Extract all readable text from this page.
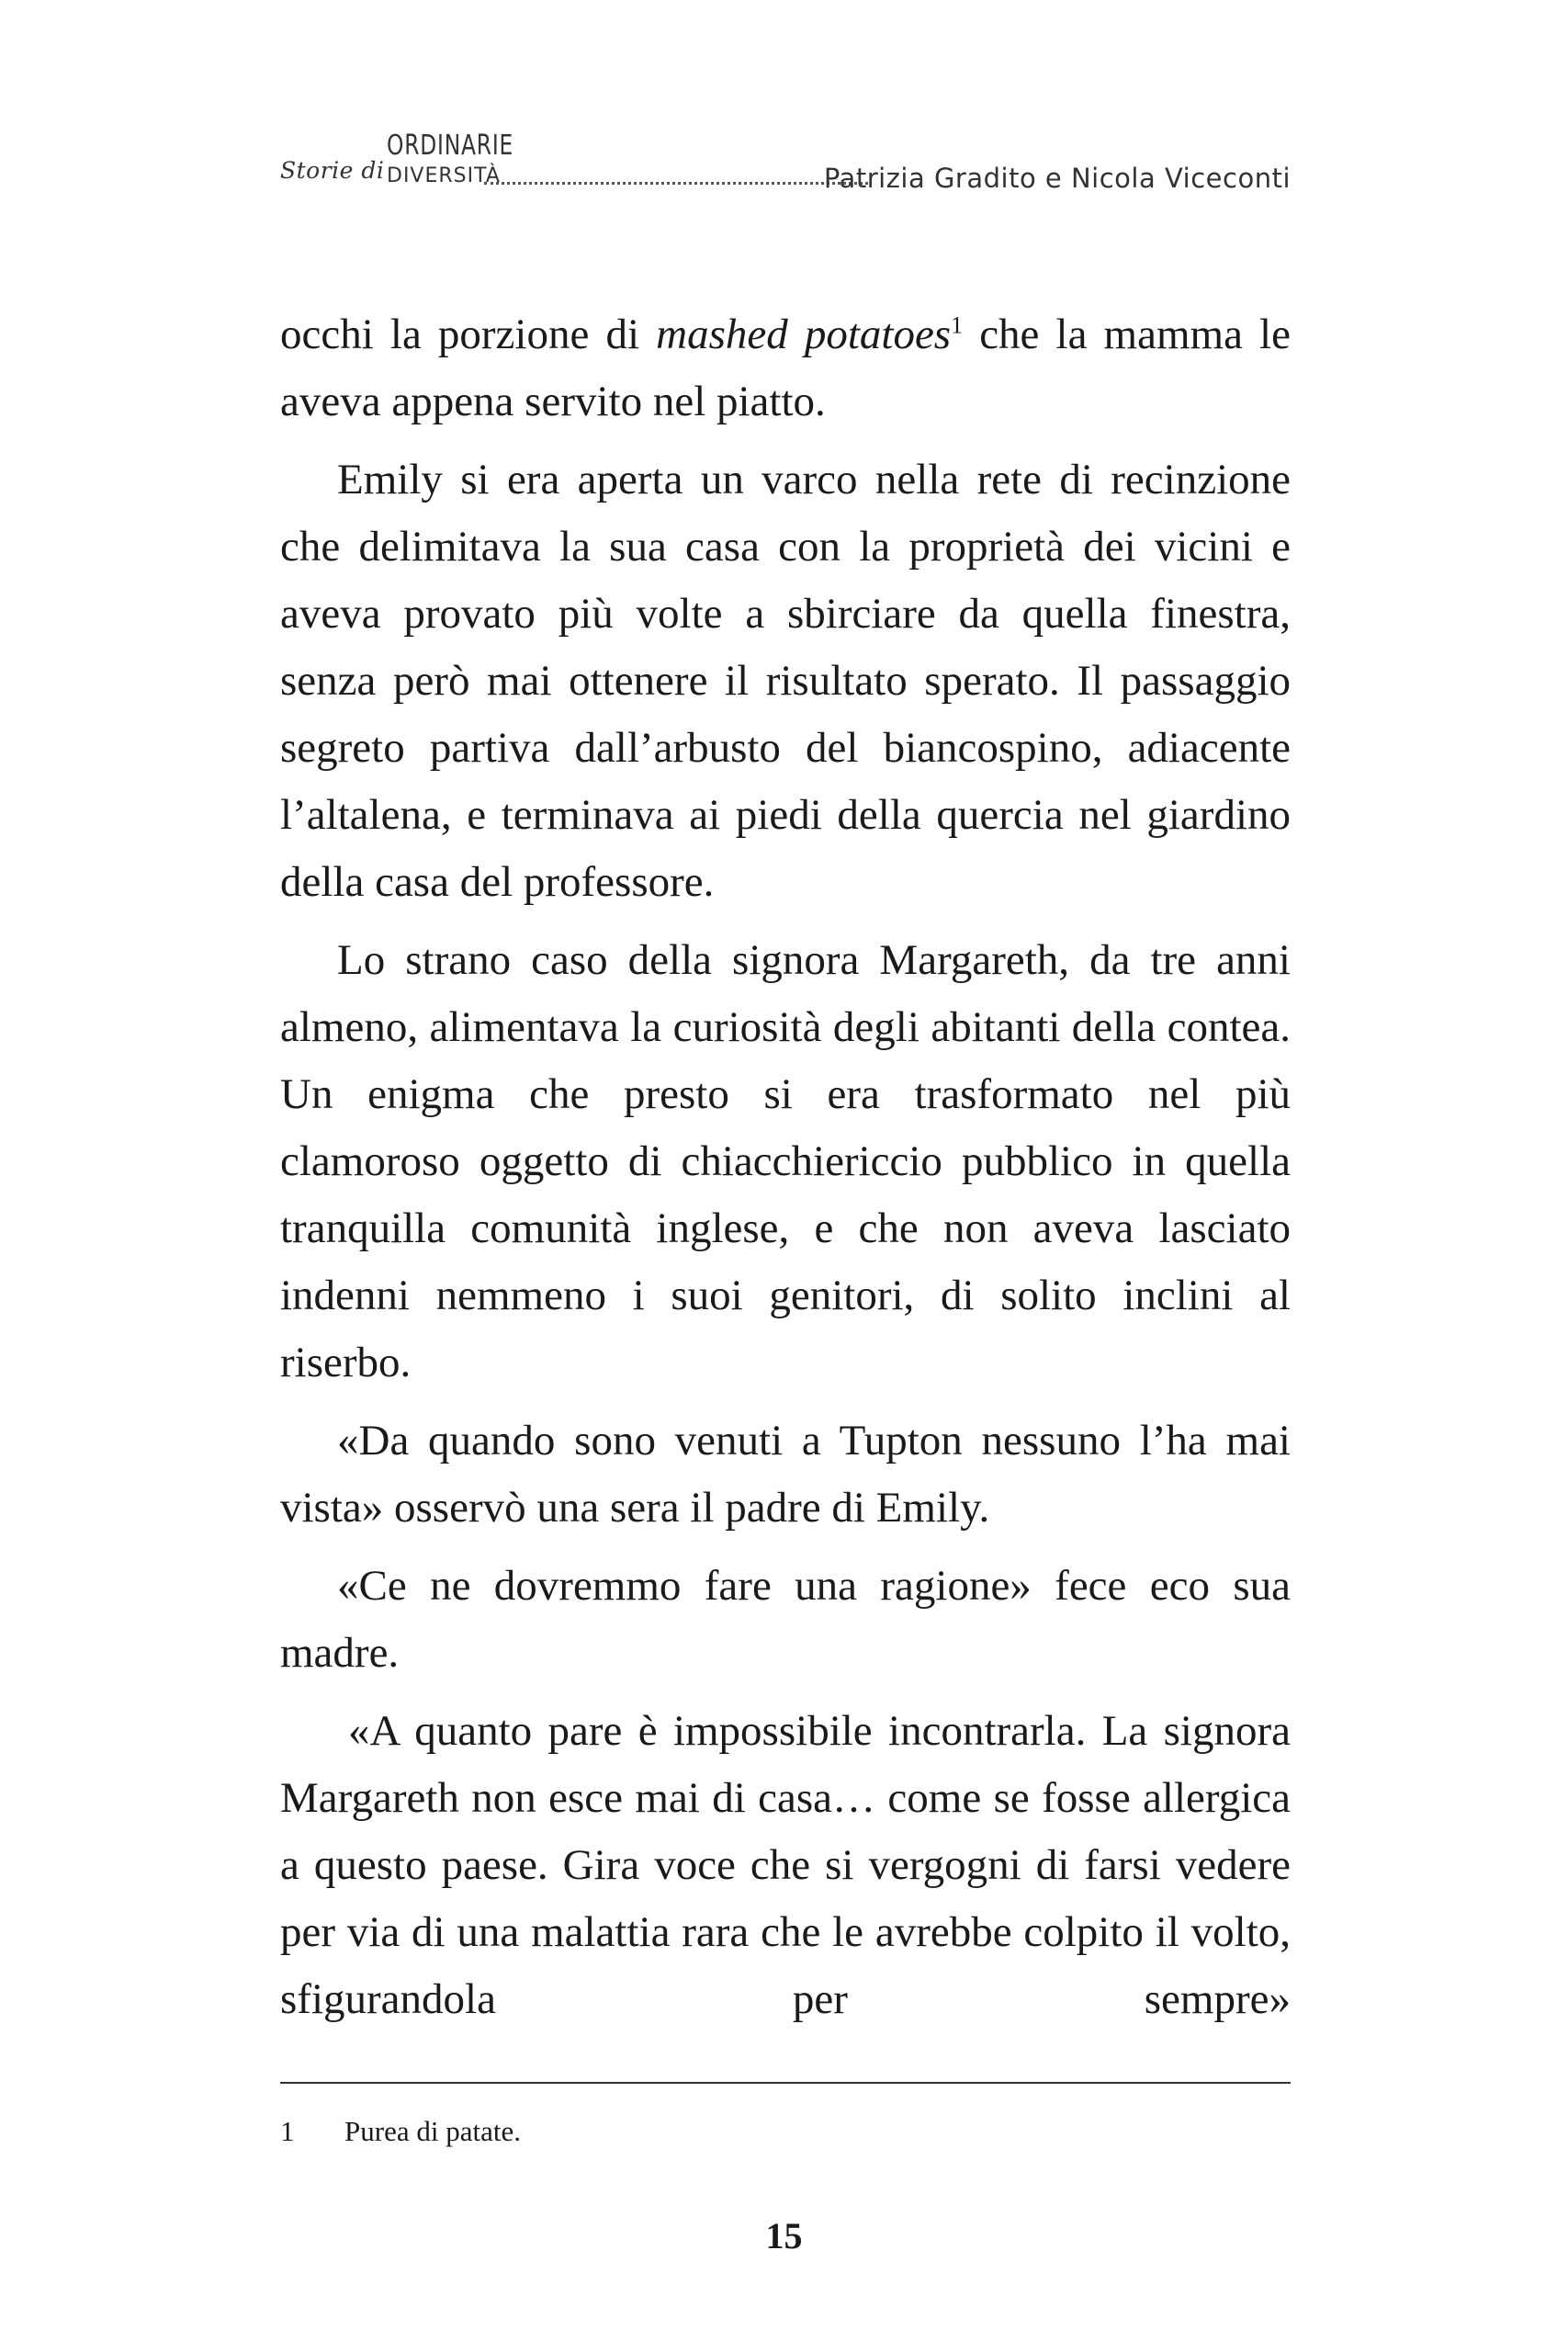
Storie di
ORDINARIE
DIVERSITÀ	Patrizia Gradito e Nicola Viceconti

occhi la porzione di mashed potatoes$^1$ che la mamma le aveva appena servito nel piatto.

Emily si era aperta un varco nella rete di recinzione che delimitava la sua casa con la proprietà dei vicini e aveva provato più volte a sbirciare da quella finestra, senza però mai ottenere il risultato sperato. Il passaggio segreto partiva dall’arbusto del biancospino, adiacente l’altalena, e terminava ai piedi della quercia nel giardino della casa del professore.

Lo strano caso della signora Margareth, da tre anni almeno, alimentava la curiosità degli abitanti della contea. Un enigma che presto si era trasformato nel più clamoroso oggetto di chiacchiericcio pubblico in quella tranquilla comunità inglese, e che non aveva lasciato indenni nemmeno i suoi genitori, di solito inclini al riserbo.

«Da quando sono venuti a Tupton nessuno l’ha mai vista» osservò una sera il padre di Emily.

«Ce ne dovremmo fare una ragione» fece eco sua madre.

«A quanto pare è impossibile incontrarla. La signora Margareth non esce mai di casa… come se fosse allergica a questo paese. Gira voce che si vergogni di farsi vedere per via di una malattia rara che le avrebbe colpito il volto, sfigurandola per sempre»

1 Purea di patate.
15
